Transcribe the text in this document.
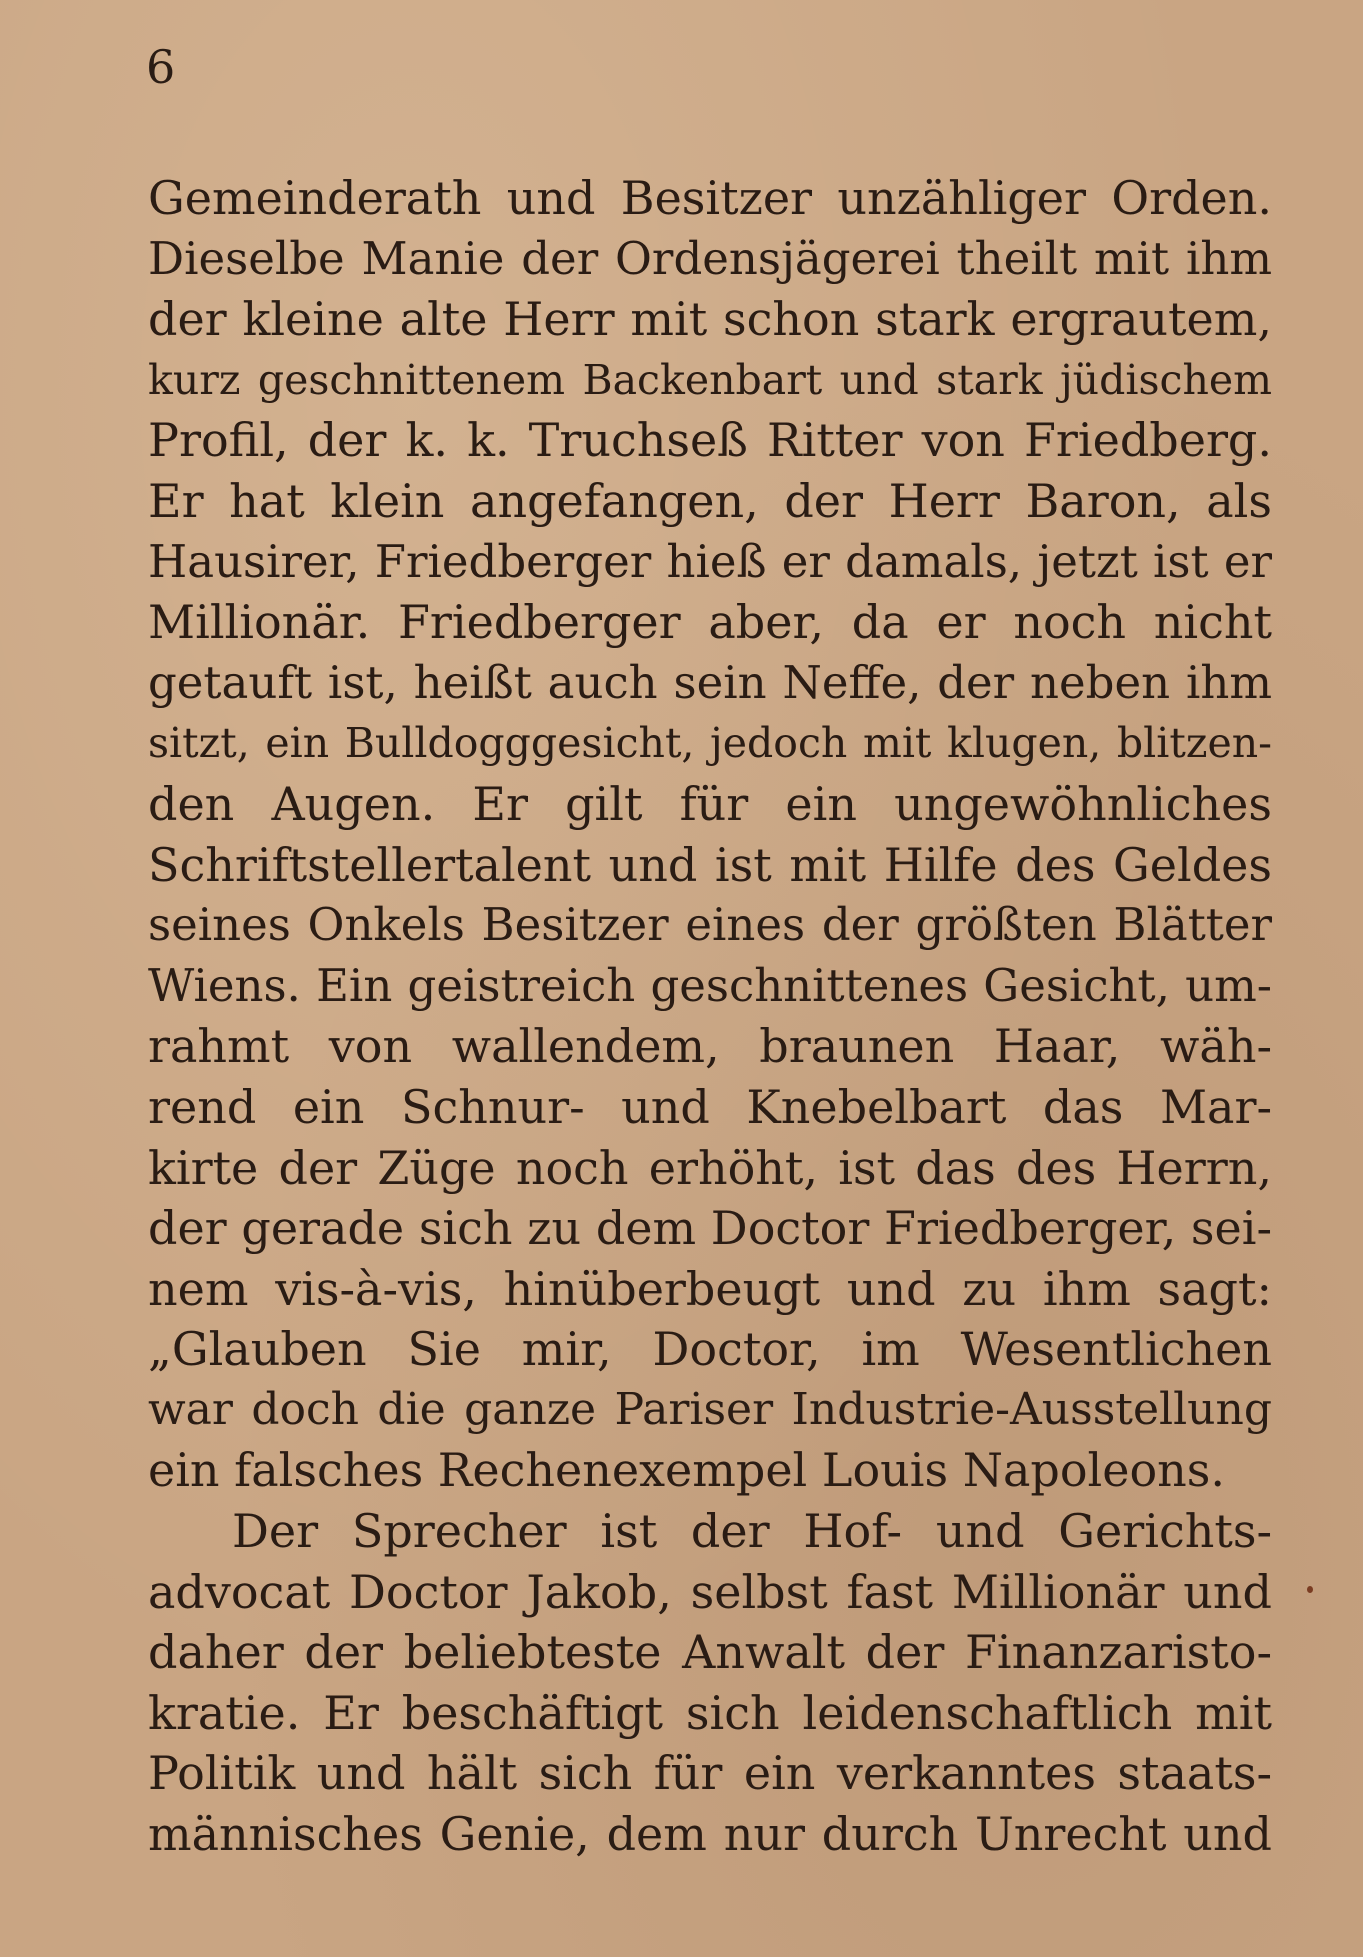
6
Gemeinderath und Besitzer unzähliger Orden.
Dieselbe Manie der Ordensjägerei theilt mit ihm
der kleine alte Herr mit schon stark ergrautem,
kurz geschnittenem Backenbart und stark jüdischem
Profil, der k. k. Truchseß Ritter von Friedberg.
Er hat klein angefangen, der Herr Baron, als
Hausirer, Friedberger hieß er damals, jetzt ist er
Millionär. Friedberger aber, da er noch nicht
getauft ist, heißt auch sein Neffe, der neben ihm
sitzt, ein Bulldogggesicht, jedoch mit klugen, blitzen-
den Augen. Er gilt für ein ungewöhnliches
Schriftstellertalent und ist mit Hilfe des Geldes
seines Onkels Besitzer eines der größten Blätter
Wiens. Ein geistreich geschnittenes Gesicht, um-
rahmt von wallendem, braunen Haar, wäh-
rend ein Schnur- und Knebelbart das Mar-
kirte der Züge noch erhöht, ist das des Herrn,
der gerade sich zu dem Doctor Friedberger, sei-
nem vis-à-vis, hinüberbeugt und zu ihm sagt:
„Glauben Sie mir, Doctor, im Wesentlichen
war doch die ganze Pariser Industrie-Ausstellung
ein falsches Rechenexempel Louis Napoleons.
Der Sprecher ist der Hof- und Gerichts-
advocat Doctor Jakob, selbst fast Millionär und
daher der beliebteste Anwalt der Finanzaristo-
kratie. Er beschäftigt sich leidenschaftlich mit
Politik und hält sich für ein verkanntes staats-
männisches Genie, dem nur durch Unrecht und
